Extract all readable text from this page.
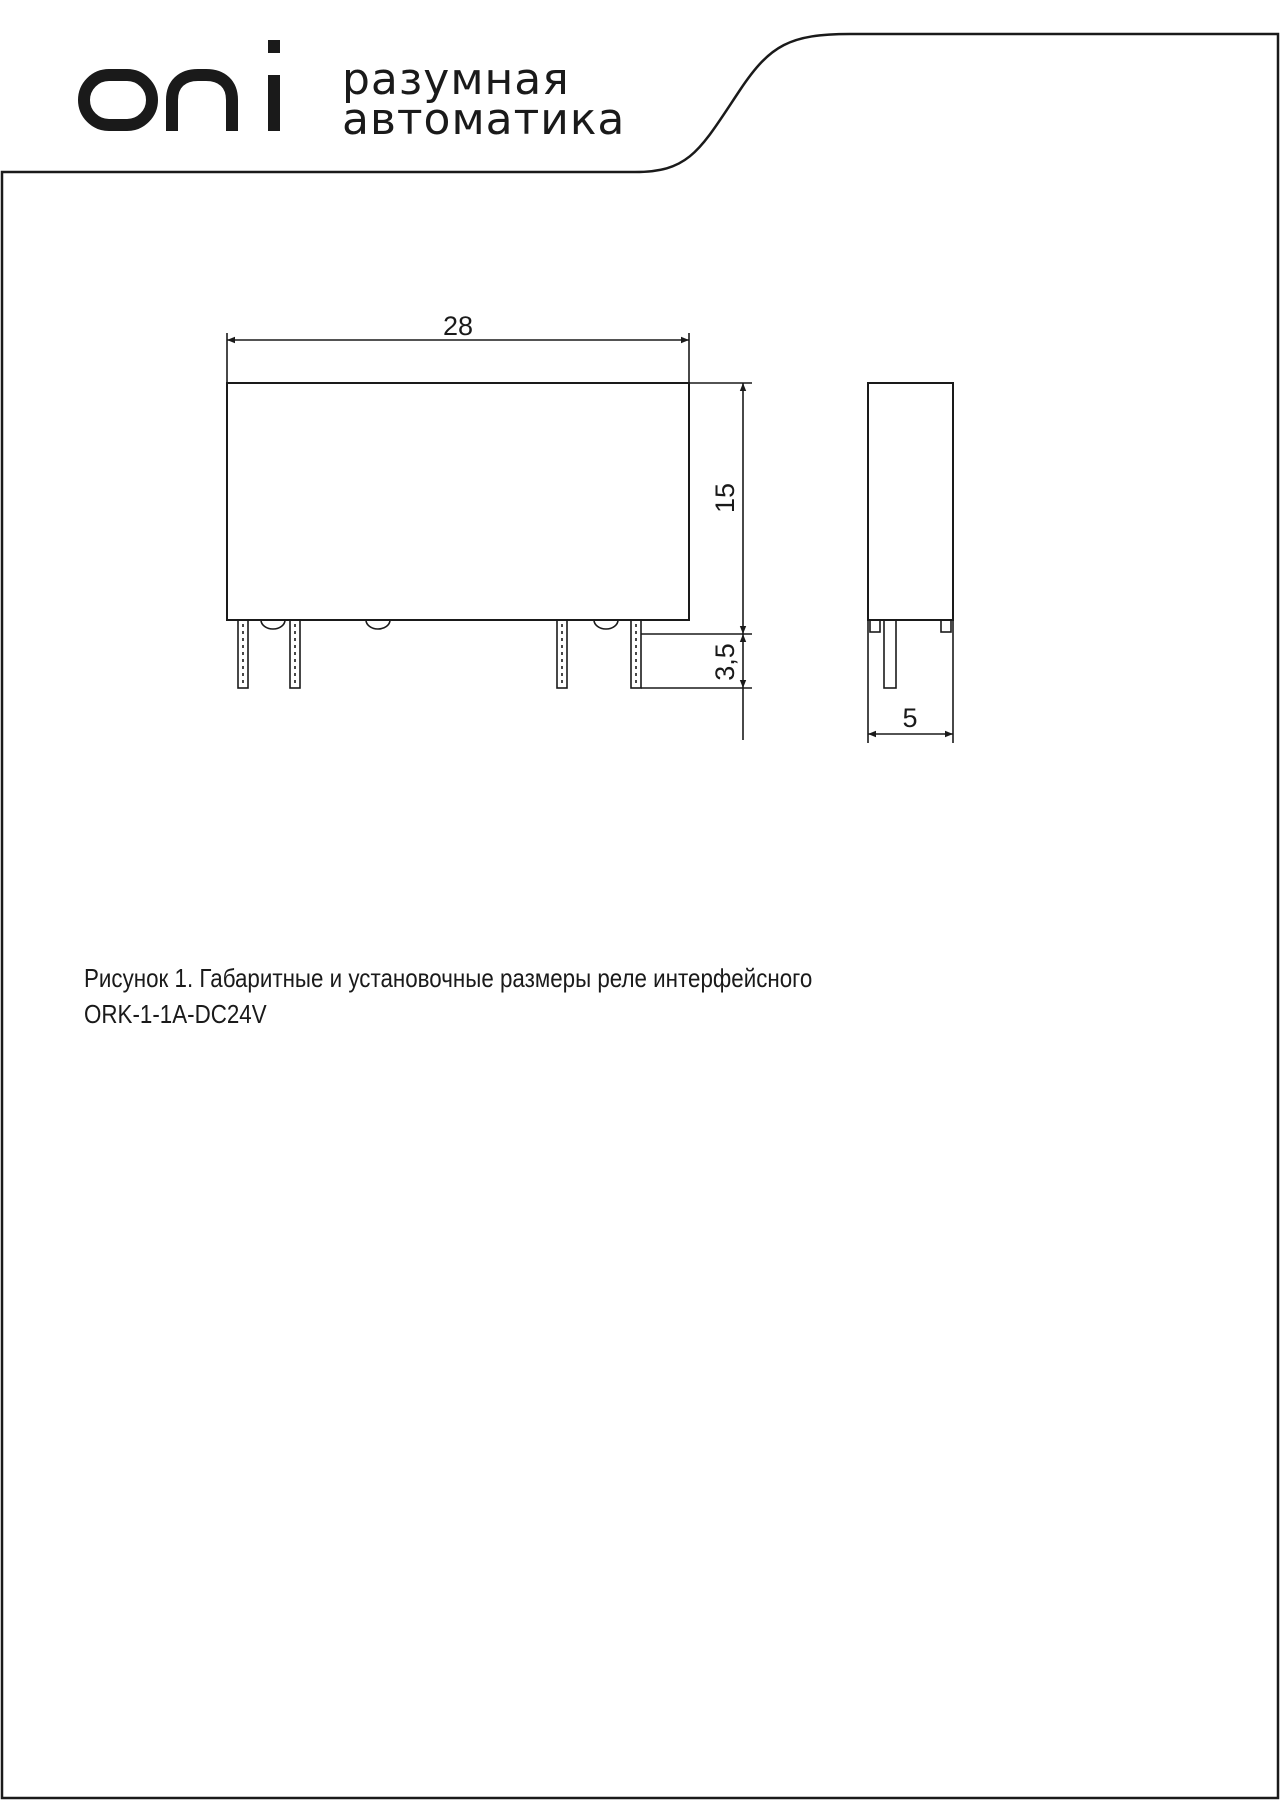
oni
разумная
автоматика
28
15
3,5
5
Рисунок 1. Габаритные и установочные размеры реле интерфейсного
ORK-1-1A-DC24V
